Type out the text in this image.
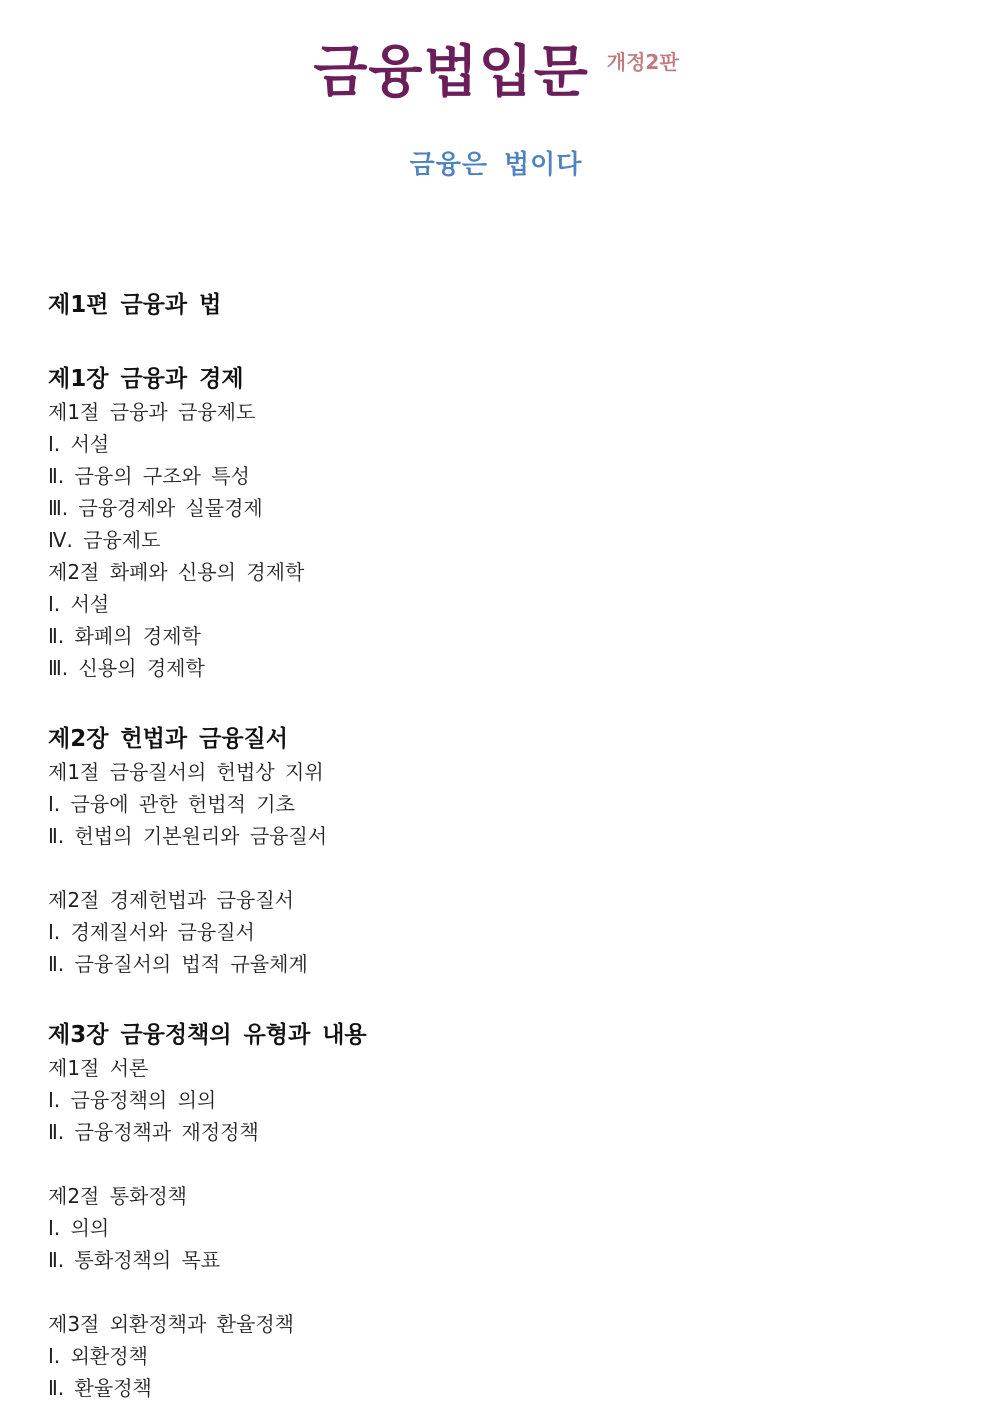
금융법입문 개정2판
금융은 법이다
제1편 금융과 법
제1장 금융과 경제
제1절 금융과 금융제도
Ⅰ. 서설
Ⅱ. 금융의 구조와 특성
Ⅲ. 금융경제와 실물경제
Ⅳ. 금융제도
제2절 화폐와 신용의 경제학
Ⅰ. 서설
Ⅱ. 화폐의 경제학
Ⅲ. 신용의 경제학
제2장 헌법과 금융질서
제1절 금융질서의 헌법상 지위
Ⅰ. 금융에 관한 헌법적 기초
Ⅱ. 헌법의 기본원리와 금융질서
제2절 경제헌법과 금융질서
Ⅰ. 경제질서와 금융질서
Ⅱ. 금융질서의 법적 규율체계
제3장 금융정책의 유형과 내용
제1절 서론
Ⅰ. 금융정책의 의의
Ⅱ. 금융정책과 재정정책
제2절 통화정책
Ⅰ. 의의
Ⅱ. 통화정책의 목표
제3절 외환정책과 환율정책
Ⅰ. 외환정책
Ⅱ. 환율정책
